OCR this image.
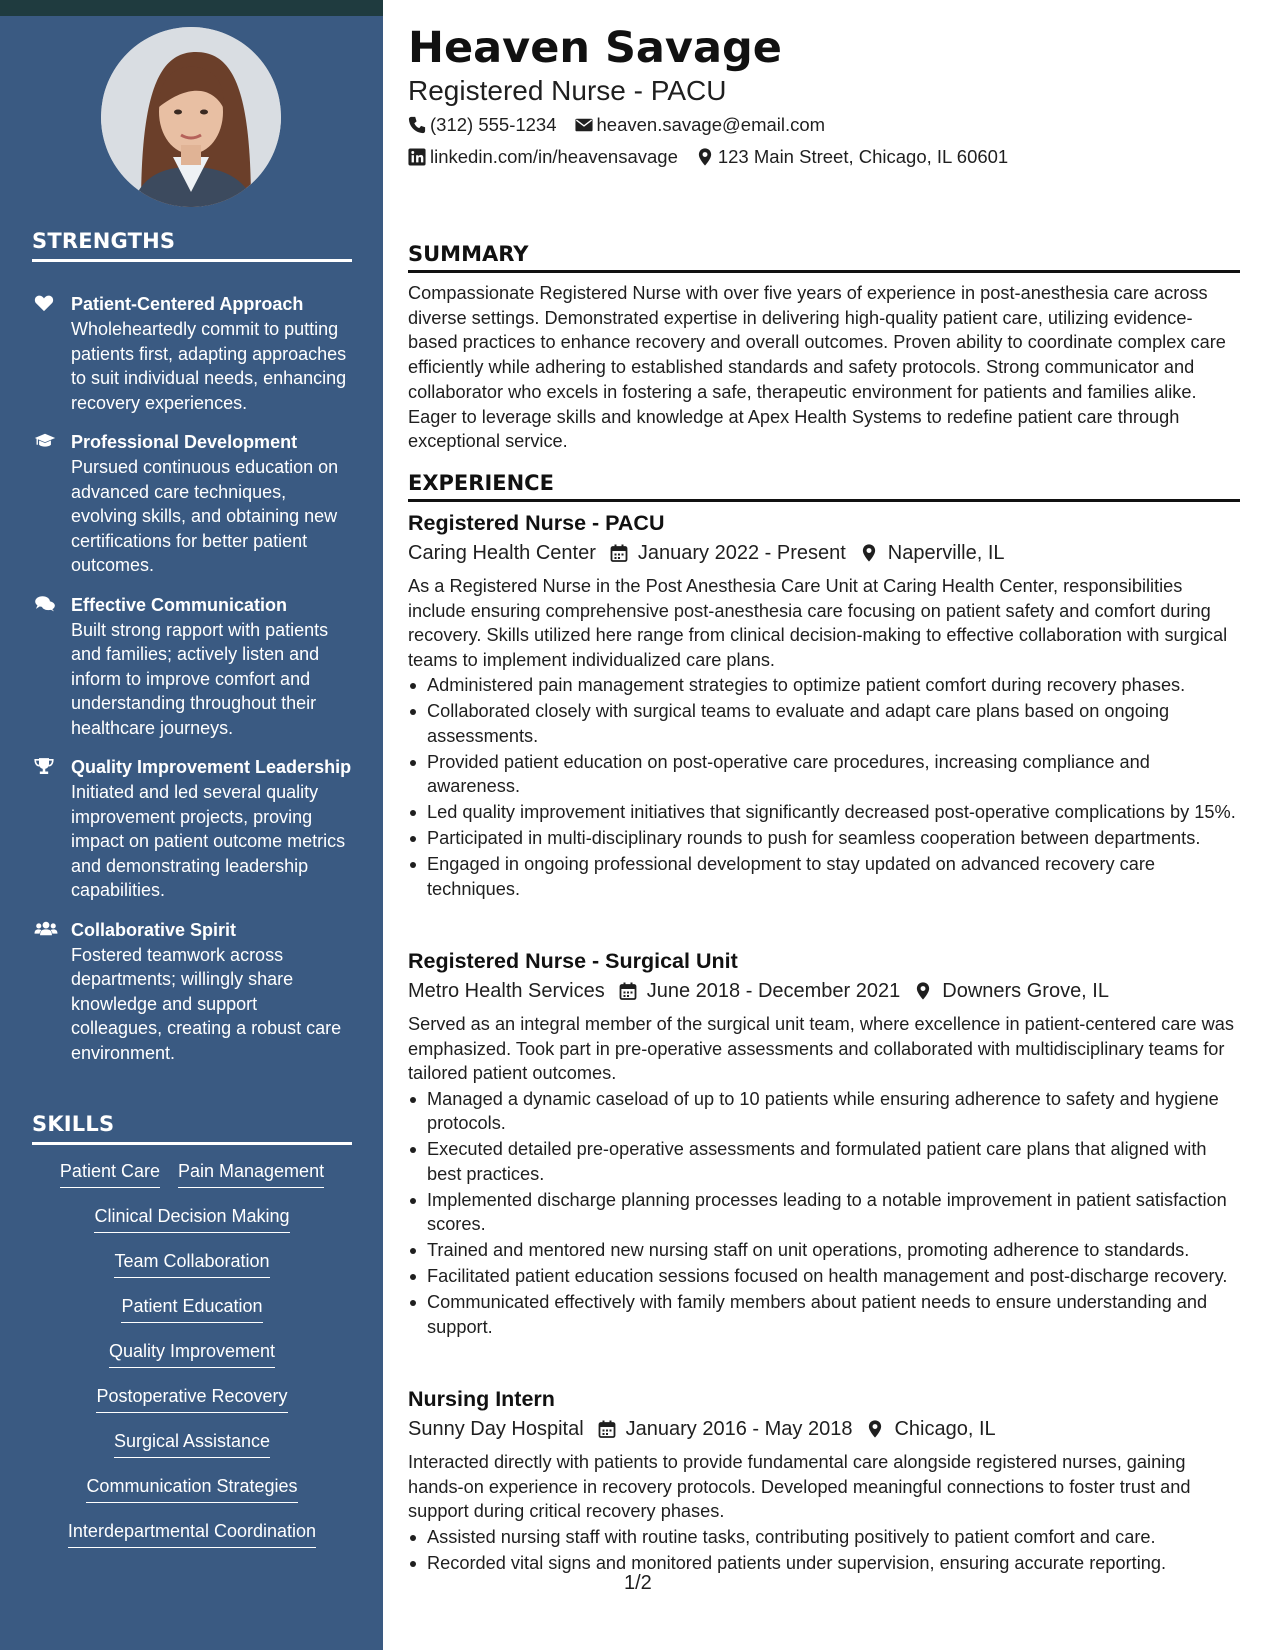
STRENGTHS
Patient-Centered Approach
Wholeheartedly commit to putting patients first, adapting approaches to suit individual needs, enhancing recovery experiences.
Professional Development
Pursued continuous education on advanced care techniques, evolving skills, and obtaining new certifications for better patient outcomes.
Effective Communication
Built strong rapport with patients and families; actively listen and inform to improve comfort and understanding throughout their healthcare journeys.
Quality Improvement Leadership
Initiated and led several quality improvement projects, proving impact on patient outcome metrics and demonstrating leadership capabilities.
Collaborative Spirit
Fostered teamwork across departments; willingly share knowledge and support colleagues, creating a robust care environment.
SKILLS
Patient Care Pain Management
Clinical Decision Making
Team Collaboration
Patient Education
Quality Improvement
Postoperative Recovery
Surgical Assistance
Communication Strategies
Interdepartmental Coordination
Heaven Savage
Registered Nurse - PACU
(312) 555-1234 heaven.savage@email.com
linkedin.com/in/heavensavage 123 Main Street, Chicago, IL 60601
SUMMARY
Compassionate Registered Nurse with over five years of experience in post-anesthesia care across diverse settings. Demonstrated expertise in delivering high-quality patient care, utilizing evidence-based practices to enhance recovery and overall outcomes. Proven ability to coordinate complex care efficiently while adhering to established standards and safety protocols. Strong communicator and collaborator who excels in fostering a safe, therapeutic environment for patients and families alike. Eager to leverage skills and knowledge at Apex Health Systems to redefine patient care through exceptional service.
EXPERIENCE
Registered Nurse - PACU
Caring Health Center January 2022 - Present Naperville, IL
As a Registered Nurse in the Post Anesthesia Care Unit at Caring Health Center, responsibilities include ensuring comprehensive post-anesthesia care focusing on patient safety and comfort during recovery. Skills utilized here range from clinical decision-making to effective collaboration with surgical teams to implement individualized care plans.
Administered pain management strategies to optimize patient comfort during recovery phases.
Collaborated closely with surgical teams to evaluate and adapt care plans based on ongoing assessments.
Provided patient education on post-operative care procedures, increasing compliance and awareness.
Led quality improvement initiatives that significantly decreased post-operative complications by 15%.
Participated in multi-disciplinary rounds to push for seamless cooperation between departments.
Engaged in ongoing professional development to stay updated on advanced recovery care techniques.
Registered Nurse - Surgical Unit
Metro Health Services June 2018 - December 2021 Downers Grove, IL
Served as an integral member of the surgical unit team, where excellence in patient-centered care was emphasized. Took part in pre-operative assessments and collaborated with multidisciplinary teams for tailored patient outcomes.
Managed a dynamic caseload of up to 10 patients while ensuring adherence to safety and hygiene protocols.
Executed detailed pre-operative assessments and formulated patient care plans that aligned with best practices.
Implemented discharge planning processes leading to a notable improvement in patient satisfaction scores.
Trained and mentored new nursing staff on unit operations, promoting adherence to standards.
Facilitated patient education sessions focused on health management and post-discharge recovery.
Communicated effectively with family members about patient needs to ensure understanding and support.
Nursing Intern
Sunny Day Hospital January 2016 - May 2018 Chicago, IL
Interacted directly with patients to provide fundamental care alongside registered nurses, gaining hands-on experience in recovery protocols. Developed meaningful connections to foster trust and support during critical recovery phases.
Assisted nursing staff with routine tasks, contributing positively to patient comfort and care.
Recorded vital signs and monitored patients under supervision, ensuring accurate reporting.
1/2
